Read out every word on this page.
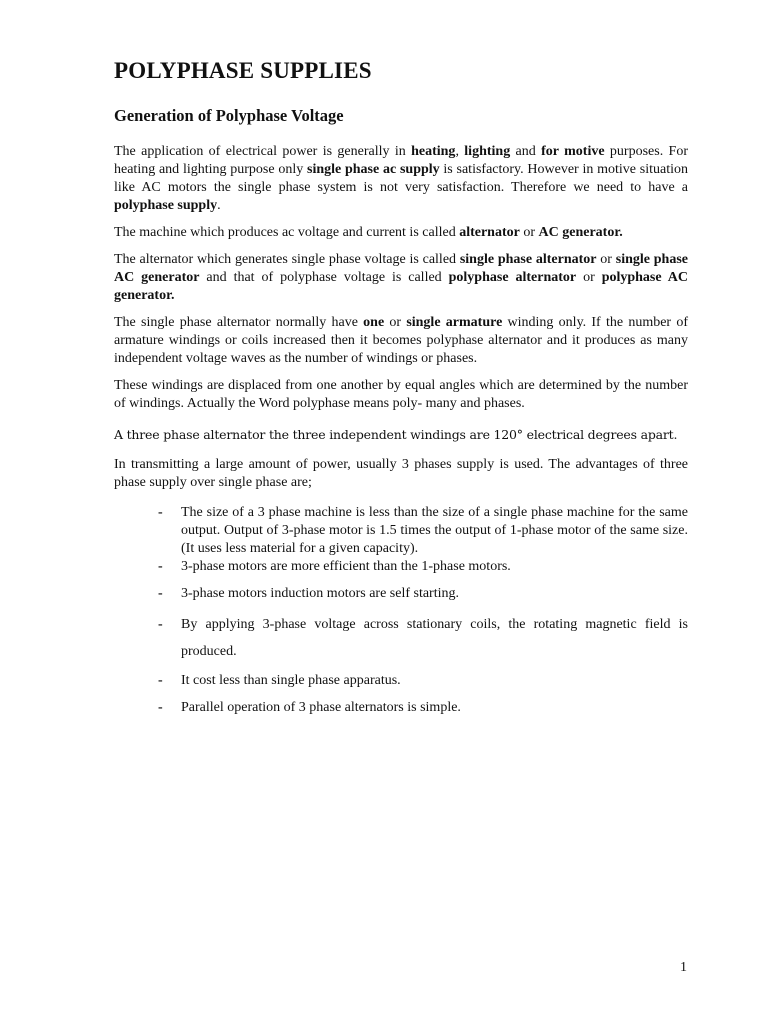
POLYPHASE SUPPLIES
Generation of Polyphase Voltage

The application of electrical power is generally in heating, lighting and for motive purposes. For heating and lighting purpose only single phase ac supply is satisfactory. However in motive situation like AC motors the single phase system is not very satisfaction. Therefore we need to have a polyphase supply.

The machine which produces ac voltage and current is called alternator or AC generator.

The alternator which generates single phase voltage is called single phase alternator or single phase AC generator and that of polyphase voltage is called polyphase alternator or polyphase AC generator.

The single phase alternator normally have one or single armature winding only. If the number of armature windings or coils increased then it becomes polyphase alternator and it produces as many independent voltage waves as the number of windings or phases.

These windings are displaced from one another by equal angles which are determined by the number of windings. Actually the Word polyphase means poly- many and phases.

A three phase alternator the three independent windings are 120° electrical degrees apart.

In transmitting a large amount of power, usually 3 phases supply is used. The advantages of three phase supply over single phase are;

- The size of a 3 phase machine is less than the size of a single phase machine for the same output. Output of 3-phase motor is 1.5 times the output of 1-phase motor of the same size. (It uses less material for a given capacity).
- 3-phase motors are more efficient than the 1-phase motors.
- 3-phase motors induction motors are self starting.
- By applying 3-phase voltage across stationary coils, the rotating magnetic field is produced.
- It cost less than single phase apparatus.
- Parallel operation of 3 phase alternators is simple.
1
